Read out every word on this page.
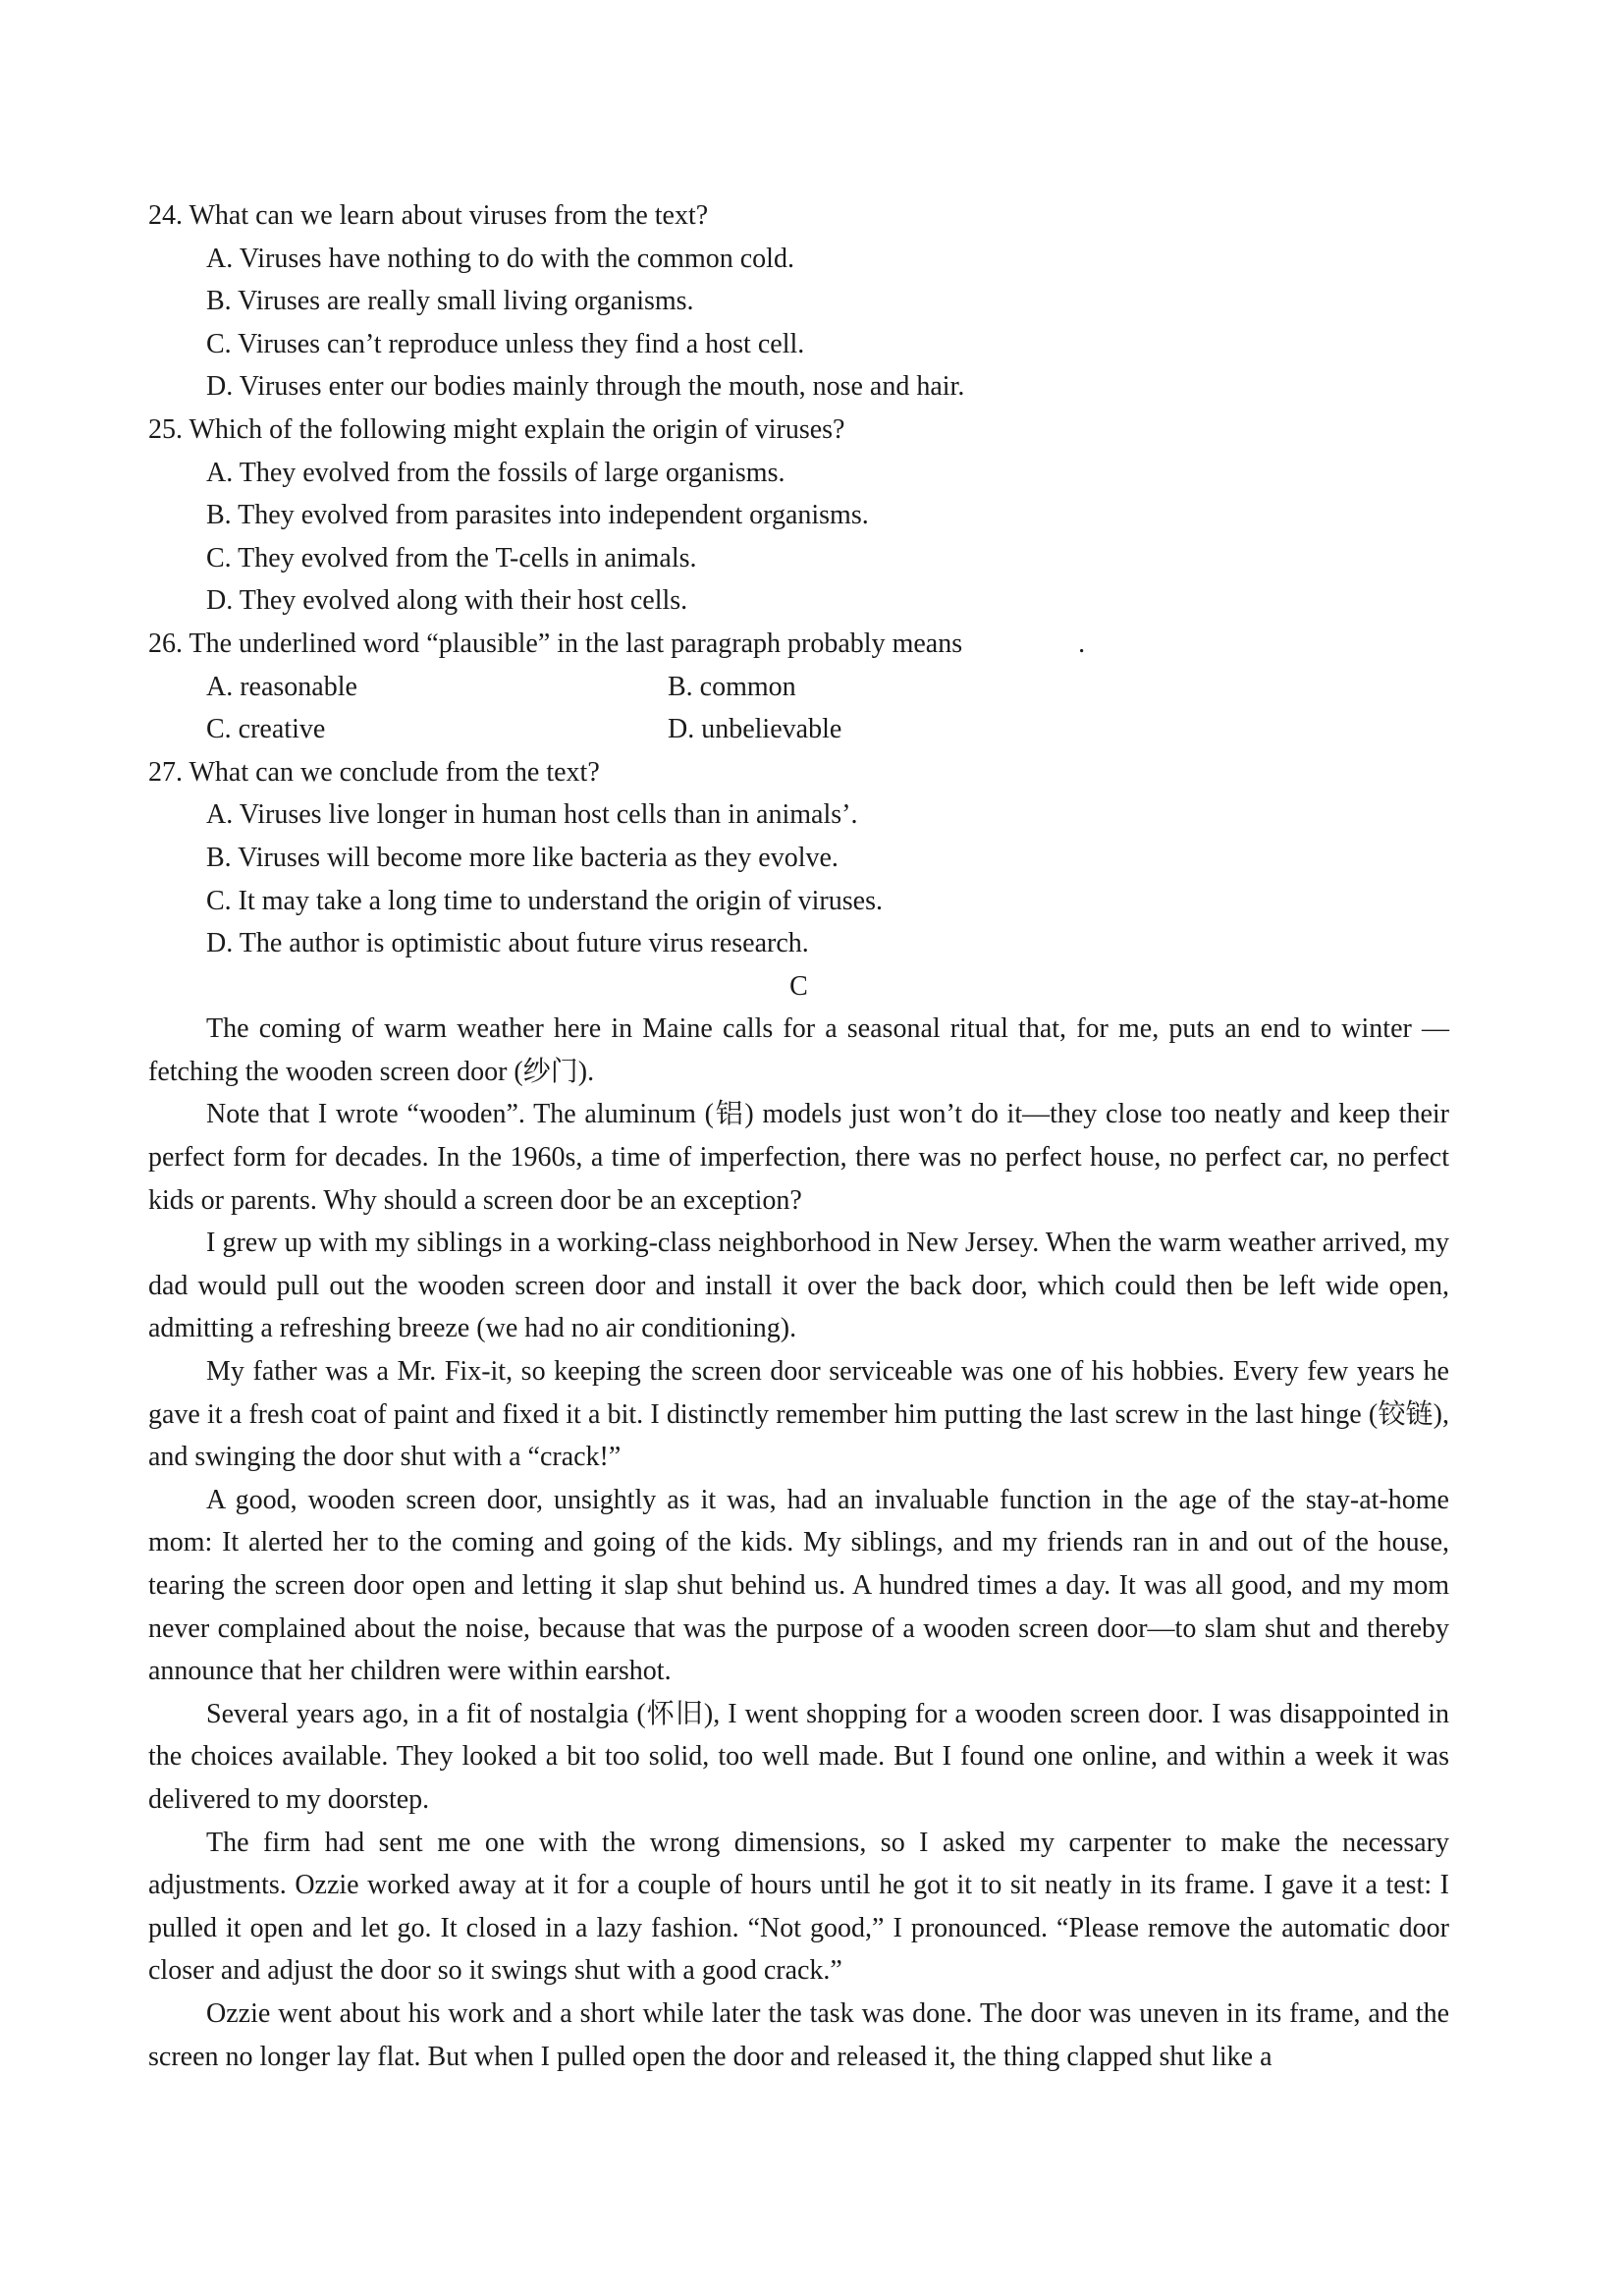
24. What can we learn about viruses from the text?

A. Viruses have nothing to do with the common cold.

B. Viruses are really small living organisms.

C. Viruses can’t reproduce unless they find a host cell.

D. Viruses enter our bodies mainly through the mouth, nose and hair.

25. Which of the following might explain the origin of viruses?

A. They evolved from the fossils of large organisms.

B. They evolved from parasites into independent organisms.

C. They evolved from the T-cells in animals.

D. They evolved along with their host cells.

26. The underlined word “plausible” in the last paragraph probably means	.

A. reasonable	B. common
C. creative	D. unbelievable

27. What can we conclude from the text?

A. Viruses live longer in human host cells than in animals’.

B. Viruses will become more like bacteria as they evolve.

C. It may take a long time to understand the origin of viruses.

D. The author is optimistic about future virus research.

C

The coming of warm weather here in Maine calls for a seasonal ritual that, for me, puts an end to winter —fetching the wooden screen door (纱门).

Note that I wrote “wooden”. The aluminum (铝) models just won’t do it—they close too neatly and keep their perfect form for decades. In the 1960s, a time of imperfection, there was no perfect house, no perfect car, no perfect kids or parents. Why should a screen door be an exception?

I grew up with my siblings in a working-class neighborhood in New Jersey. When the warm weather arrived, my dad would pull out the wooden screen door and install it over the back door, which could then be left wide open, admitting a refreshing breeze (we had no air conditioning).

My father was a Mr. Fix-it, so keeping the screen door serviceable was one of his hobbies. Every few years he gave it a fresh coat of paint and fixed it a bit. I distinctly remember him putting the last screw in the last hinge (铰链), and swinging the door shut with a “crack!”

A good, wooden screen door, unsightly as it was, had an invaluable function in the age of the stay-at-home mom: It alerted her to the coming and going of the kids. My siblings, and my friends ran in and out of the house, tearing the screen door open and letting it slap shut behind us. A hundred times a day. It was all good, and my mom never complained about the noise, because that was the purpose of a wooden screen door—to slam shut and thereby announce that her children were within earshot.

Several years ago, in a fit of nostalgia (怀旧), I went shopping for a wooden screen door. I was disappointed in the choices available. They looked a bit too solid, too well made. But I found one online, and within a week it was delivered to my doorstep.

The firm had sent me one with the wrong dimensions, so I asked my carpenter to make the necessary adjustments. Ozzie worked away at it for a couple of hours until he got it to sit neatly in its frame. I gave it a test: I pulled it open and let go. It closed in a lazy fashion. “Not good,” I pronounced. “Please remove the automatic door closer and adjust the door so it swings shut with a good crack.”

Ozzie went about his work and a short while later the task was done. The door was uneven in its frame, and the screen no longer lay flat. But when I pulled open the door and released it, the thing clapped shut like a
